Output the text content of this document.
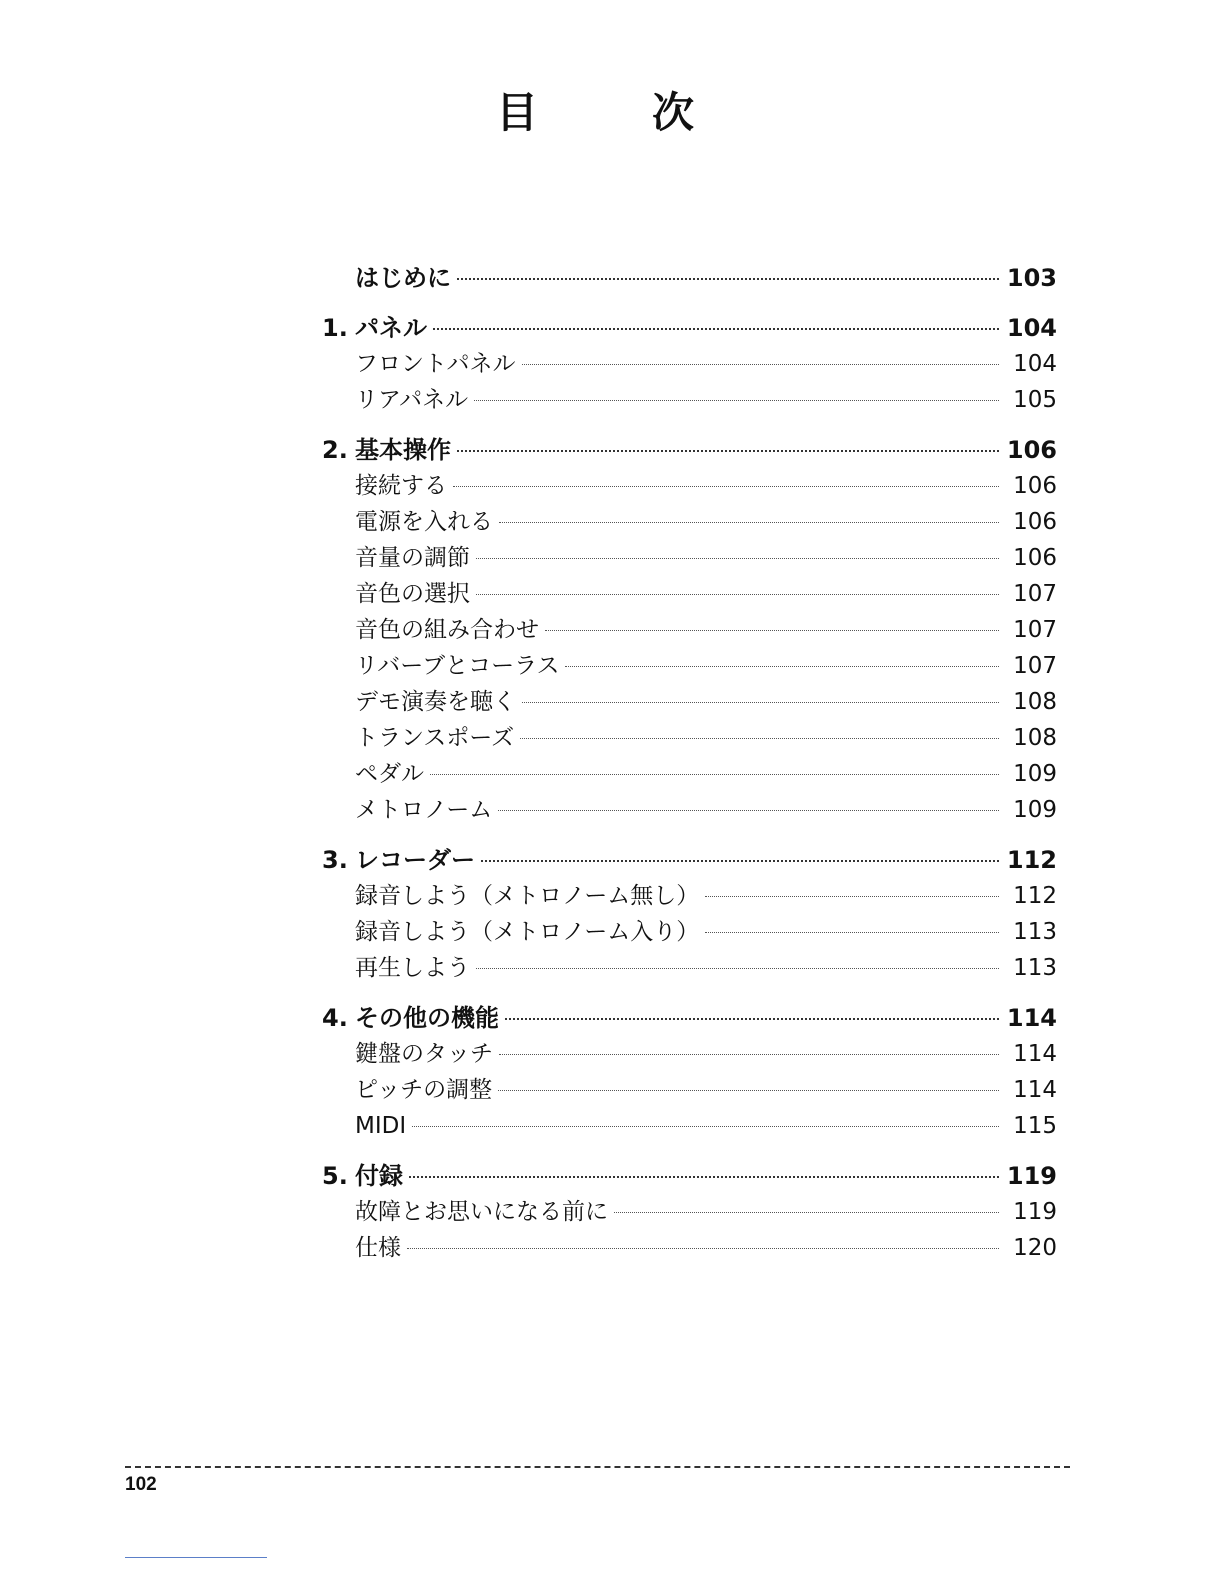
目　次
はじめに	103
1. パネル	104
フロントパネル	104
リアパネル	105
2. 基本操作	106
接続する	106
電源を入れる	106
音量の調節	106
音色の選択	107
音色の組み合わせ	107
リバーブとコーラス	107
デモ演奏を聴く	108
トランスポーズ	108
ペダル	109
メトロノーム	109
3. レコーダー	112
録音しよう（メトロノーム無し）	112
録音しよう（メトロノーム入り）	113
再生しよう	113
4. その他の機能	114
鍵盤のタッチ	114
ピッチの調整	114
MIDI	115
5. 付録	119
故障とお思いになる前に	119
仕様	120
102
